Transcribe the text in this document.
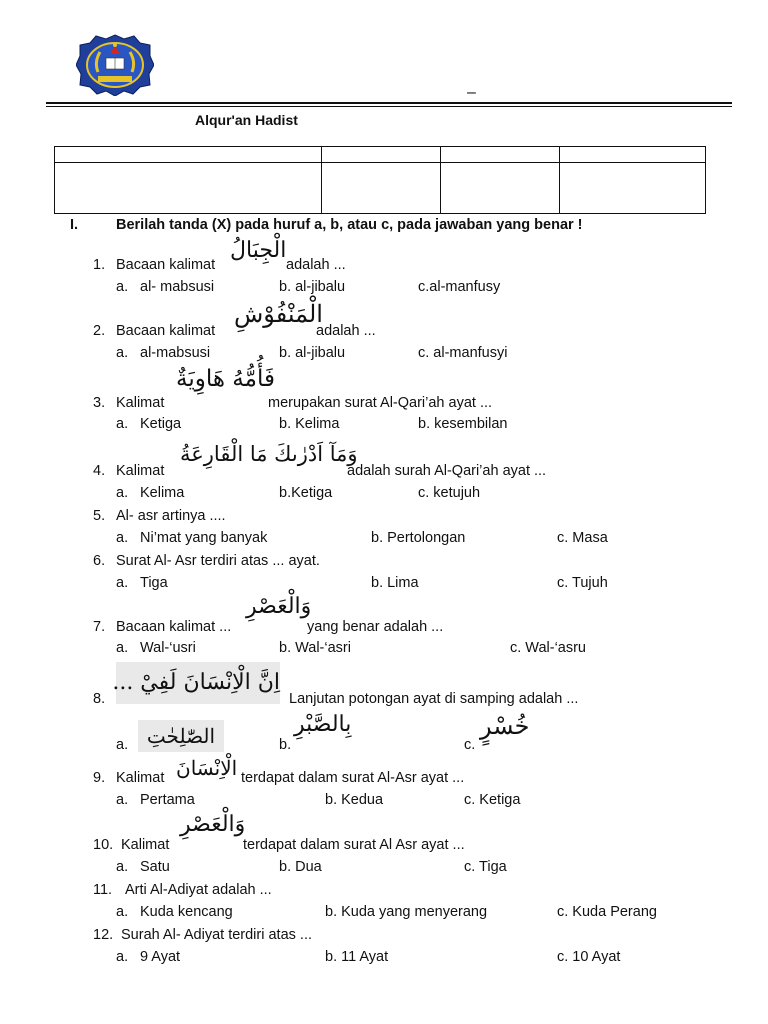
–
Alqur'an Hadist

I.	Berilah tanda (X) pada huruf a, b, atau c, pada jawaban yang benar !
1. Bacaan kalimat
الْجِبَالُ
adalah ...
a. al- mabsusi	b. al-jibalu	c.al-manfusy
2. Bacaan kalimat
الْمَنْفُوْشِ
adalah ...
a. al-mabsusi	b. al-jibalu	c. al-manfusyi
3. Kalimat
فَأُمُّهُ هَاوِيَةٌ
merupakan surat Al-Qari’ah ayat ...
a. Ketiga	b. Kelima	b. kesembilan
4. Kalimat
وَمَآ اَدْرٰىكَ مَا الْقَارِعَةُ
adalah surah Al-Qari’ah ayat ...
a. Kelima	b.Ketiga	c. ketujuh
5. Al- asr artinya ....
a. Ni’mat yang banyak	b. Pertolongan	c. Masa
6. Surat Al- Asr terdiri atas ... ayat.
a. Tiga	b. Lima	c. Tujuh
7. Bacaan kalimat ...
وَالْعَصْرِ
yang benar adalah ...
a. Wal-‘usri	b. Wal-‘asri	c. Wal-‘asru
8.
اِنَّ الْاِنْسَانَ لَفِيْ ...
Lanjutan potongan ayat di samping adalah ...
a. الصّٰلِحٰتِ	b.
بِالصَّبْرِ
c.
خُسْرٍ
9. Kalimat الْاِنْسَانَ terdapat dalam surat Al-Asr ayat ...
a. Pertama	b. Kedua	c. Ketiga
10. Kalimat
وَالْعَصْرِ
terdapat dalam surat Al Asr ayat ...
a. Satu	b. Dua	c. Tiga
11. Arti Al-Adiyat adalah ...
a. Kuda kencang	b. Kuda yang menyerang	c. Kuda Perang
12. Surah Al- Adiyat terdiri atas ...
a. 9 Ayat	b. 11 Ayat	c. 10 Ayat
